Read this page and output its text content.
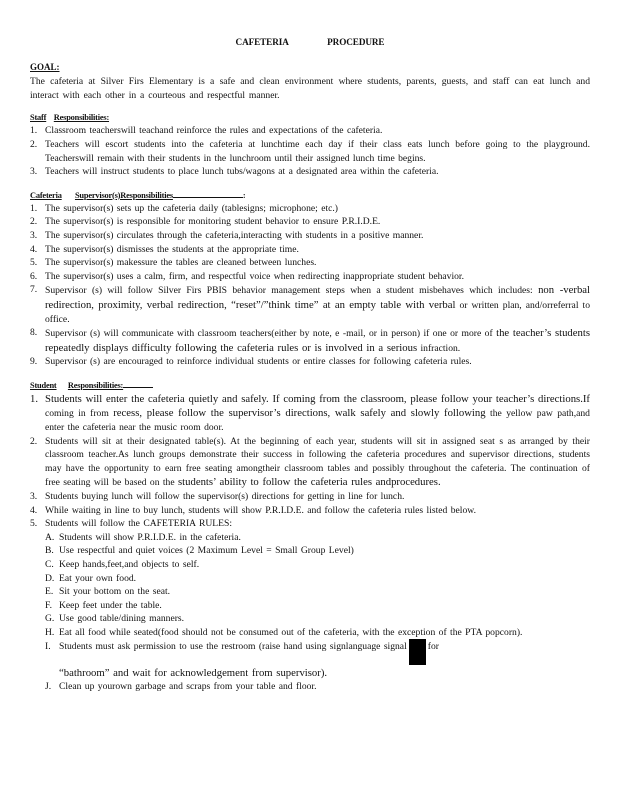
CAFETERIA	PROCEDURE
GOAL:
The cafeteria at Silver Firs Elementary is a safe and clean environment where students, parents, guests, and staff can eat lunch and interact with each other in a courteous and respectful manner.
Staff Responsibilities:
1. Classroom teacherswill teachand reinforce the rules and expectations of the cafeteria.
2. Teachers will escort students into the cafeteria at lunchtime each day if their class eats lunch before going to the playground. Teacherswill remain with their students in the lunchroom until their assigned lunch time begins.
3. Teachers will instruct students to place lunch tubs/wagons at a designated area within the cafeteria.
Cafeteria Supervisor(s)Responsibilities	:
1. The supervisor(s) sets up the cafeteria daily (tablesigns; microphone; etc.)
2. The supervisor(s) is responsible for monitoring student behavior to ensure P.R.I.D.E.
3. The supervisor(s) circulates through the cafeteria,interacting with students in a positive manner.
4. The supervisor(s) dismisses the students at the appropriate time.
5. The supervisor(s) makessure the tables are cleaned between lunches.
6. The supervisor(s) uses a calm, firm, and respectful voice when redirecting inappropriate student behavior.
7. Supervisor (s) will follow Silver Firs PBIS behavior management steps when a student misbehaves which includes: non -verbal redirection, proximity, verbal redirection, “reset”/”think time” at an empty table with verbal or written plan, and/orreferral to office.
8. Supervisor (s) will communicate with classroom teachers(either by note, e -mail, or in person) if one or more of the teacher’s students repeatedly displays difficulty following the cafeteria rules or is involved in a serious infraction.
9. Supervisor (s) are encouraged to reinforce individual students or entire classes for following cafeteria rules.
Student Responsibilities:
1. Students will enter the cafeteria quietly and safely. If coming from the classroom, please follow your teacher’s directions.If coming in from recess, please follow the supervisor’s directions, walk safely and slowly following the yellow paw path,and enter the cafeteria near the music room door.
2. Students will sit at their designated table(s). At the beginning of each year, students will sit in assigned seat s as arranged by their classroom teacher.As lunch groups demonstrate their success in following the cafeteria procedures and supervisor directions, students may have the opportunity to earn free seating amongtheir classroom tables and possibly throughout the cafeteria. The continuation of free seating will be based on the students’ ability to follow the cafeteria rules andprocedures.
3. Students buying lunch will follow the supervisor(s) directions for getting in line for lunch.
4. While waiting in line to buy lunch, students will show P.R.I.D.E. and follow the cafeteria rules listed below.
5. Students will follow the CAFETERIA RULES:
A. Students will show P.R.I.D.E. in the cafeteria.
B. Use respectful and quiet voices (2 Maximum Level = Small Group Level)
C. Keep hands,feet,and objects to self.
D. Eat your own food.
E. Sit your bottom on the seat.
F. Keep feet under the table.
G. Use good table/dining manners.
H. Eat all food while seated(food should not be consumed out of the cafeteria, with the exception of the PTA popcorn).
I. Students must ask permission to use the restroom (raise hand using signlanguage signal for
“bathroom” and wait for acknowledgement from supervisor).
J. Clean up yourown garbage and scraps from your table and floor.
